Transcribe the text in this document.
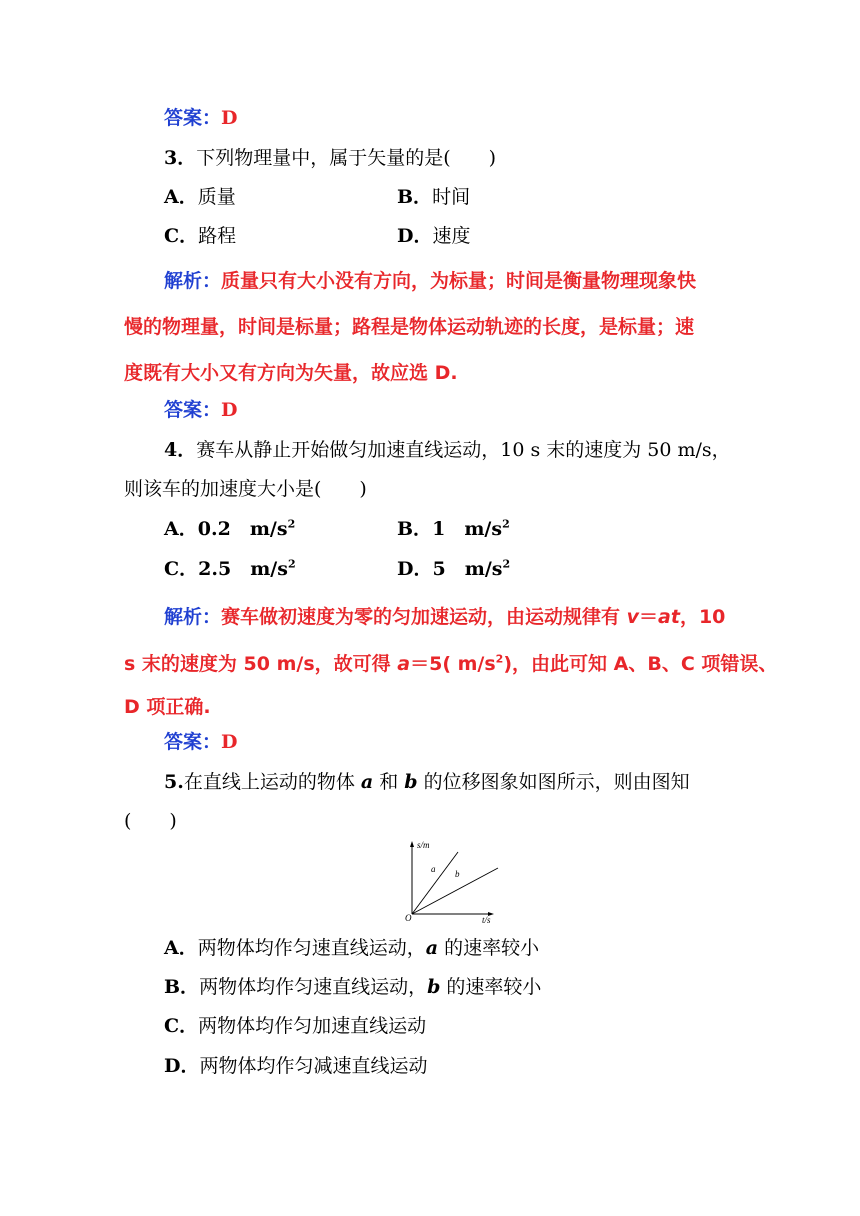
答案：D
3．下列物理量中，属于矢量的是(　　)
A．质量	B．时间
C．路程	D．速度
解析：质量只有大小没有方向，为标量；时间是衡量物理现象快
慢的物理量，时间是标量；路程是物体运动轨迹的长度，是标量；速
度既有大小又有方向为矢量，故应选 D.
答案：D
4．赛车从静止开始做匀加速直线运动，10 s 末的速度为 50 m/s，
则该车的加速度大小是(　　)
A．0.2　 $m/s^2$	B．1　 $m/s^2$
C．2.5　 $m/s^2$	D．5　 $m/s^2$
解析：赛车做初速度为零的匀加速运动，由运动规律有 v＝at，10
s 末的速度为 50 m/s，故可得 a＝5( $m/s^2$)，由此可知 A、B、C 项错误、
D 项正确.
答案：D
5.在直线上运动的物体 a 和 b 的位移图象如图所示，则由图知
(　　)
s/m
t/s
O
a b
A．两物体均作匀速直线运动，a 的速率较小
B．两物体均作匀速直线运动，b 的速率较小
C．两物体均作匀加速直线运动
D．两物体均作匀减速直线运动
